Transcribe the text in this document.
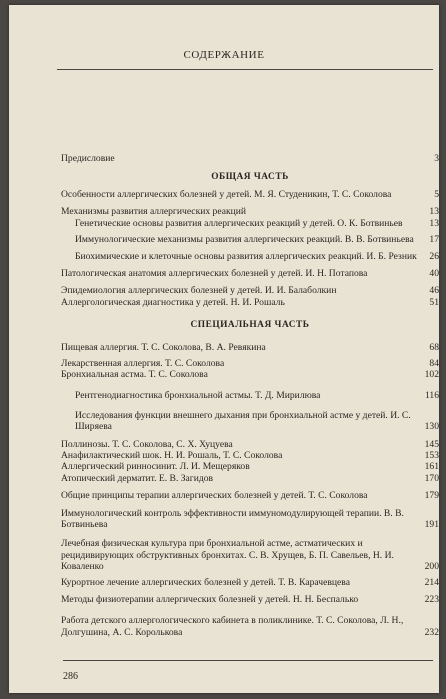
СОДЕРЖАНИЕ
Предисловие	3
ОБЩАЯ ЧАСТЬ
Особенности аллергических болезней у детей. М. Я. Студеникин, Т. С. Соколова	5
Механизмы развития аллергических реакций	13
Генетические основы развития аллергических реакций у детей. О. К. Ботвиньев	13
Иммунологические механизмы развития аллергических реакций. В. В. Ботвиньева	17
Биохимические и клеточные основы развития аллергических реакций. И. Б. Резник	26
Патологическая анатомия аллергических болезней у детей. И. Н. Потапова	40
Эпидемиология аллергических болезней у детей. И. И. Балаболкин	46
Аллергологическая диагностика у детей. Н. И. Рошаль	51
СПЕЦИАЛЬНАЯ ЧАСТЬ
Пищевая аллергия. Т. С. Соколова, В. А. Ревякина	68
Лекарственная аллергия. Т. С. Соколова	84
Бронхиальная астма. Т. С. Соколова	102
Рентгенодиагностика бронхиальной астмы. Т. Д. Мирилюва	116
Исследования функции внешнего дыхания при бронхиальной астме у детей. И. С. Ширяева	130
Поллинозы. Т. С. Соколова, С. Х. Хуцуева	145
Анафилактический шок. Н. И. Рошаль, Т. С. Соколова	153
Аллергический ринносинит. Л. И. Мещеряков	161
Атопический дерматит. Е. В. Загидов	170
Общие принципы терапии аллергических болезней у детей. Т. С. Соколова	179
Иммунологический контроль эффективности иммуномодулирующей терапии. В. В. Ботвиньева	191
Лечебная физическая культура при бронхиальной астме, астматических и рецидивирующих обструктивных бронхитах. С. В. Хрущев, Б. П. Савельев, Н. И. Коваленко	200
Курортное лечение аллергических болезней у детей. Т. В. Карачевцева	214
Методы физиотерапии аллергических болезней у детей. Н. Н. Беспалько	223
Работа детского аллергологического кабинета в поликлинике. Т. С. Соколова, Л. Н., Долгушина, А. С. Королькова	232
286
